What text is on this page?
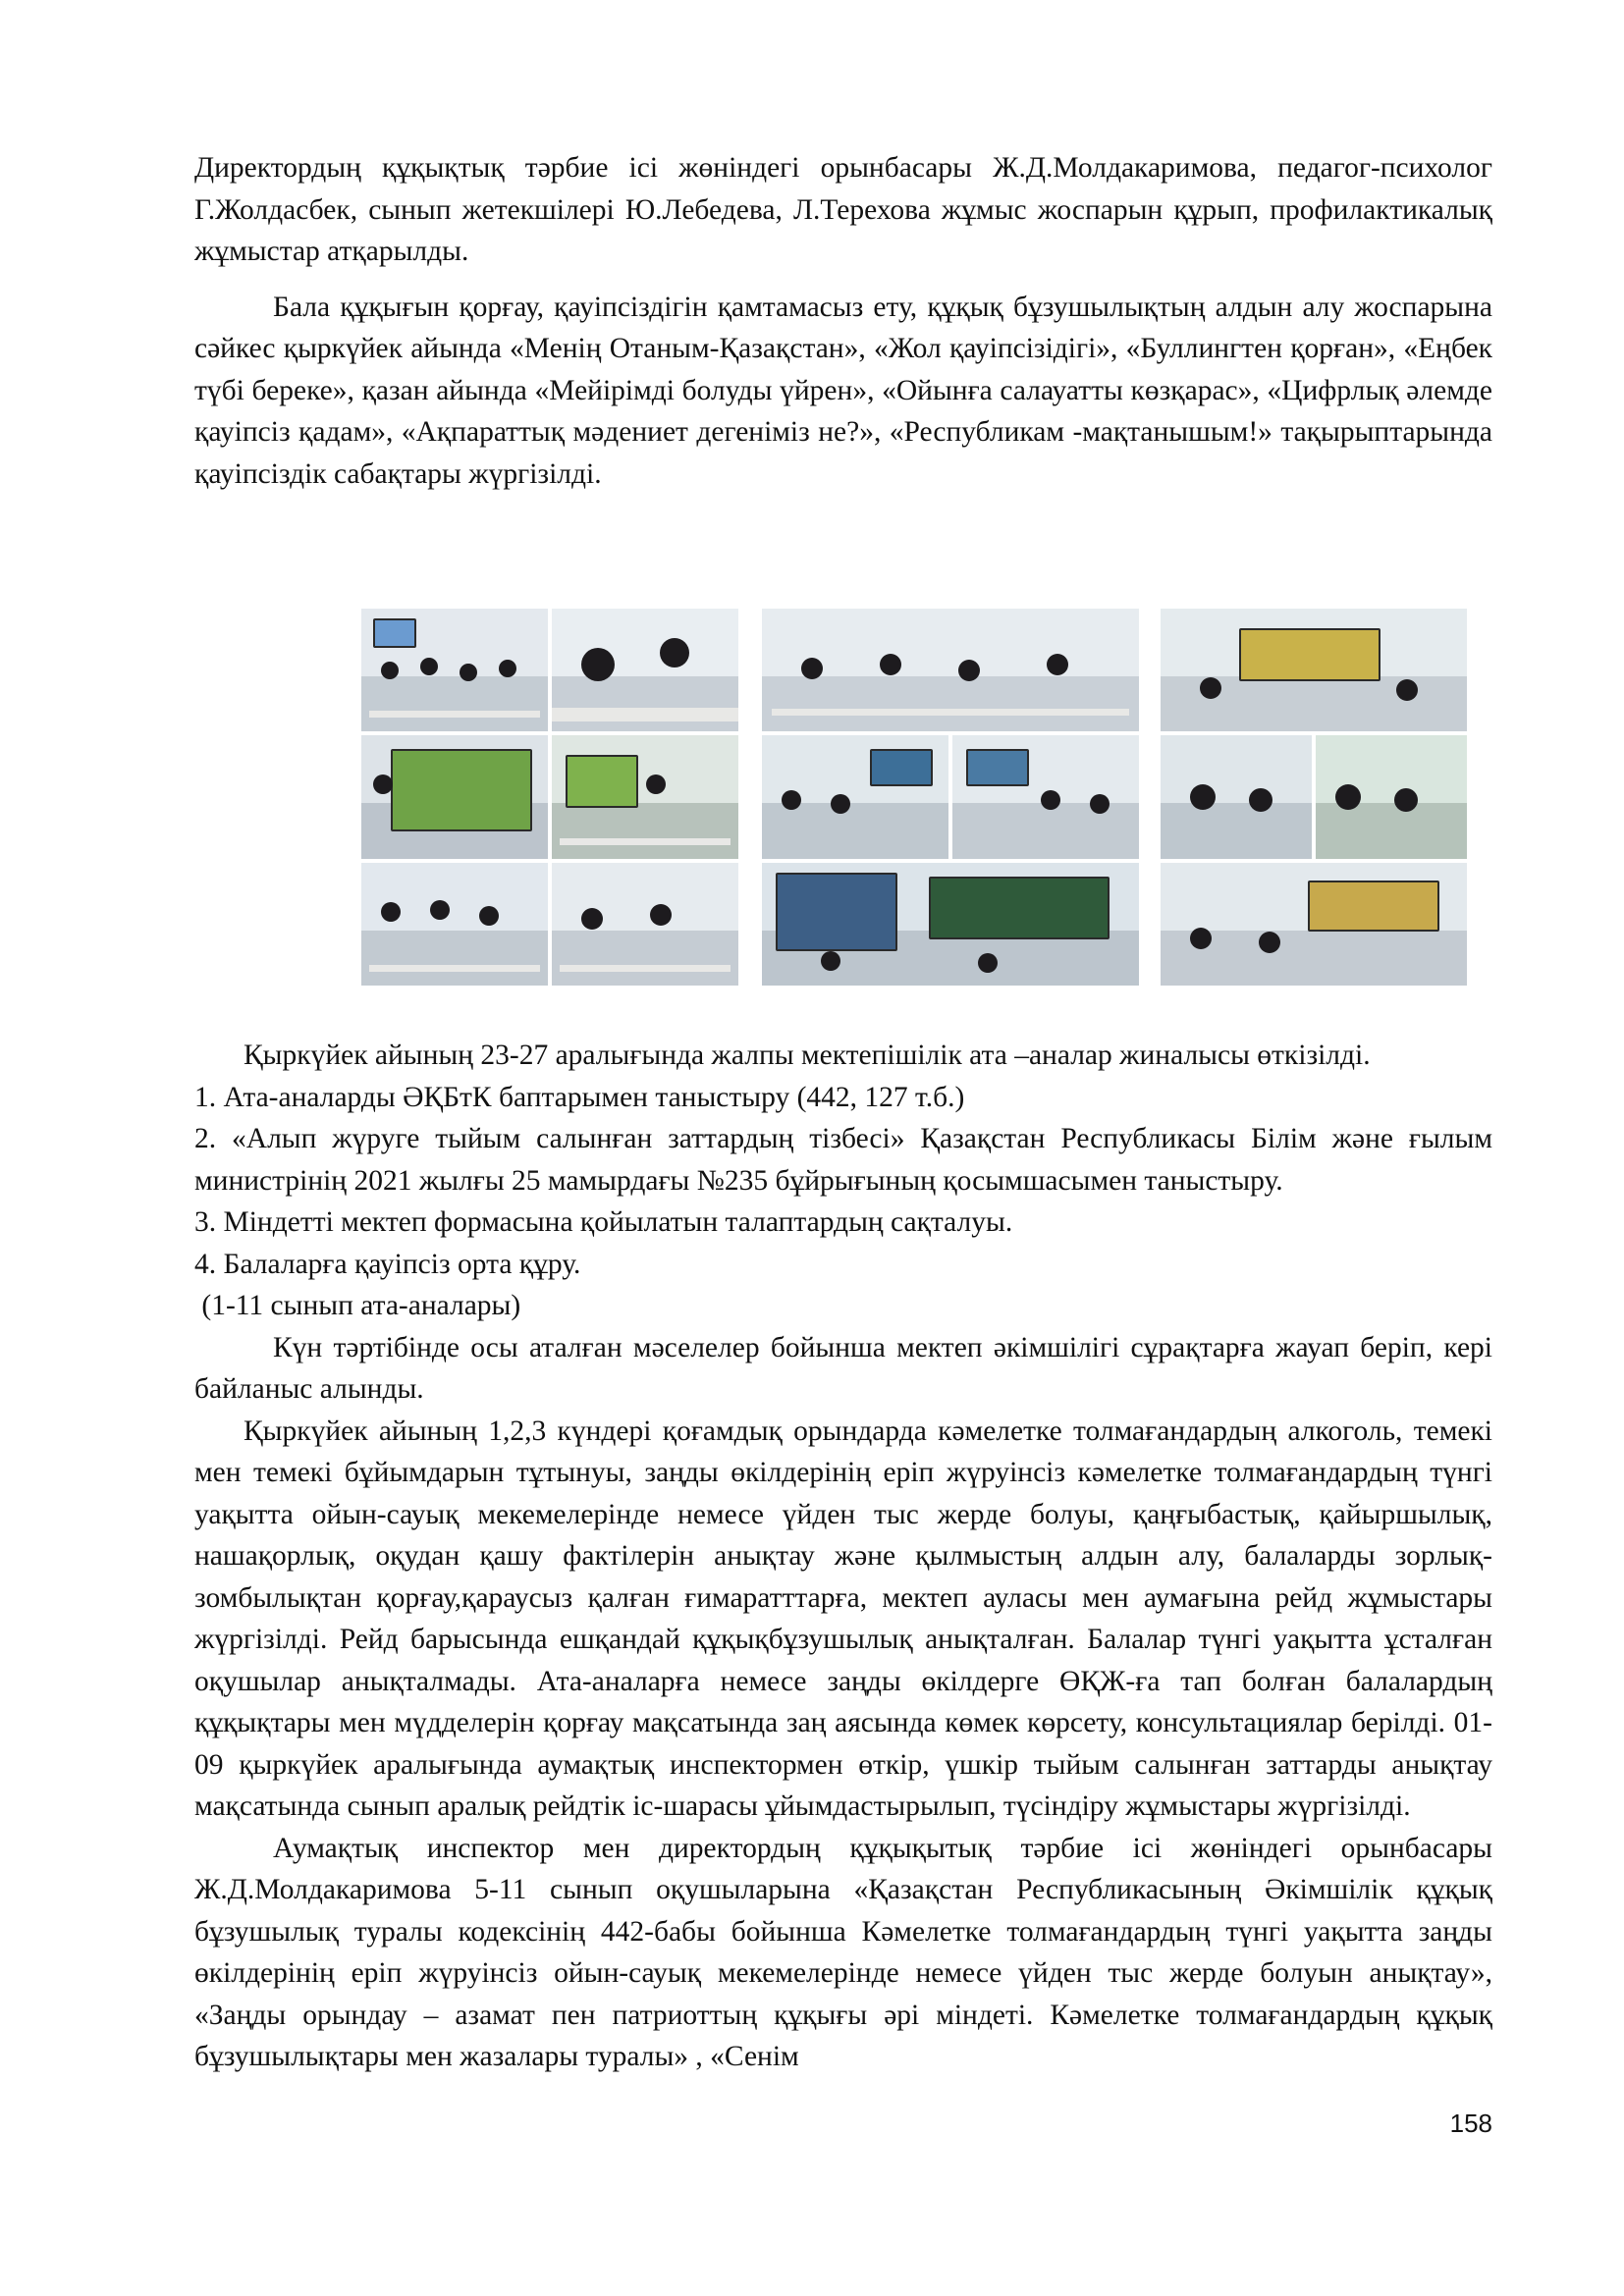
Директордың құқықтық тәрбие ісі жөніндегі орынбасары Ж.Д.Молдакаримова, педагог-психолог Г.Жолдасбек, сынып жетекшілері Ю.Лебедева, Л.Терехова жұмыс жоспарын құрып, профилактикалық жұмыстар атқарылды.

Бала құқығын қорғау, қауіпсіздігін қамтамасыз ету, құқық бұзушылықтың алдын алу жоспарына сәйкес қыркүйек айында «Менің Отаным-Қазақстан», «Жол қауіпсізідігі», «Буллингтен қорған», «Еңбек түбі береке», қазан айында «Мейірімді болуды үйрен», «Ойынға салауатты көзқарас», «Цифрлық әлемде қауіпсіз қадам», «Ақпараттық мәдениет дегеніміз не?», «Республикам -мақтанышым!» тақырыптарында қауіпсіздік сабақтары жүргізілді.

Қыркүйек айының 23-27 аралығында жалпы мектепішілік ата –аналар жиналысы өткізілді.

1. Ата-аналарды ӘҚБтК баптарымен таныстыру (442, 127 т.б.)

2. «Алып жүруге тыйым салынған заттардың тізбесі» Қазақстан Республикасы Білім және ғылым министрінің 2021 жылғы 25 мамырдағы №235 бұйрығының қосымшасымен таныстыру.

3. Міндетті мектеп формасына қойылатын талаптардың сақталуы.

4. Балаларға қауіпсіз орта құру.

(1-11 сынып ата-аналары)

Күн тәртібінде осы аталған мәселелер бойынша мектеп әкімшілігі сұрақтарға жауап беріп, кері байланыс алынды.

Қыркүйек айының 1,2,3 күндері қоғамдық орындарда кәмелетке толмағандардың алкоголь, темекі мен темекі бұйымдарын тұтынуы, заңды өкілдерінің еріп жүруінсіз кәмелетке толмағандардың түнгі уақытта ойын-сауық мекемелерінде немесе үйден тыс жерде болуы, қаңғыбастық, қайыршылық, нашақорлық, оқудан қашу фактілерін анықтау және қылмыстың алдын алу, балаларды зорлық-зомбылықтан қорғау,қараусыз қалған ғимаратттарға, мектеп ауласы мен аумағына рейд жұмыстары жүргізілді. Рейд барысында ешқандай құқықбұзушылық анықталған. Балалар түнгі уақытта ұсталған оқушылар анықталмады. Ата-аналарға немесе заңды өкілдерге ӨҚЖ-ға тап болған балалардың құқықтары мен мүдделерін қорғау мақсатында заң аясында көмек көрсету, консультациялар берілді. 01-09 қыркүйек аралығында аумақтық инспектормен өткір, үшкір тыйым салынған заттарды анықтау мақсатында сынып аралық рейдтік іс-шарасы ұйымдастырылып, түсіндіру жұмыстары жүргізілді.

Аумақтық инспектор мен директордың құқықытық тәрбие ісі жөніндегі орынбасары Ж.Д.Молдакаримова 5-11 сынып оқушыларына «Қазақстан Республикасының Әкімшілік құқық бұзушылық туралы кодексінің 442-бабы бойынша Кәмелетке толмағандардың түнгі уақытта заңды өкілдерінің еріп жүруінсіз ойын-сауық мекемелерінде немесе үйден тыс жерде болуын анықтау», «Заңды орындау – азамат пен патриоттың құқығы әрі міндеті. Кәмелетке толмағандардың құқық бұзушылықтары мен жазалары туралы» , «Сенім

158
